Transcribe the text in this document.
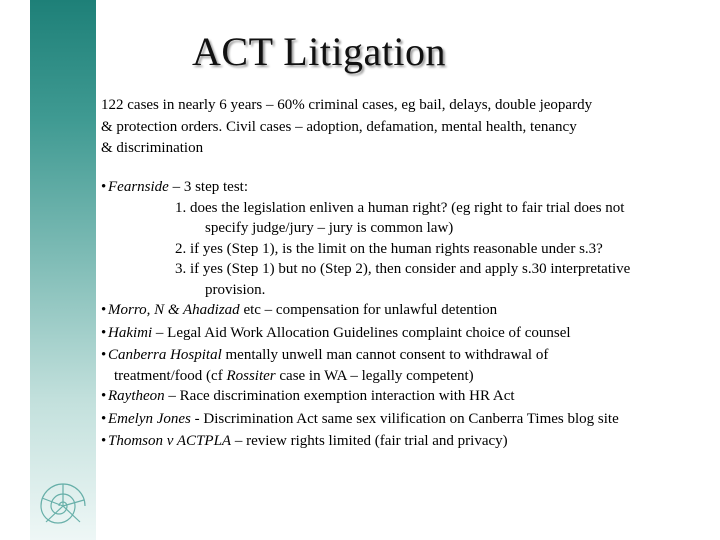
ACT Litigation
122 cases in nearly 6 years – 60% criminal cases, eg bail, delays, double jeopardy
& protection orders. Civil cases – adoption, defamation, mental health, tenancy
& discrimination
• Fearnside – 3 step test:
1. does the legislation enliven a human right? (eg right to fair trial does not
specify judge/jury – jury is common law)
2. if yes (Step 1), is the limit on the human rights reasonable under s.3?
3. if yes (Step 1) but no (Step 2), then consider and apply s.30 interpretative
provision.
• Morro, N & Ahadizad etc – compensation for unlawful detention
• Hakimi – Legal Aid Work Allocation Guidelines complaint choice of counsel
• Canberra Hospital mentally unwell man cannot consent to withdrawal of
treatment/food (cf Rossiter case in WA – legally competent)
• Raytheon – Race discrimination exemption interaction with HR Act
• Emelyn Jones - Discrimination Act same sex vilification on Canberra Times blog site
• Thomson v ACTPLA – review rights limited (fair trial and privacy)
